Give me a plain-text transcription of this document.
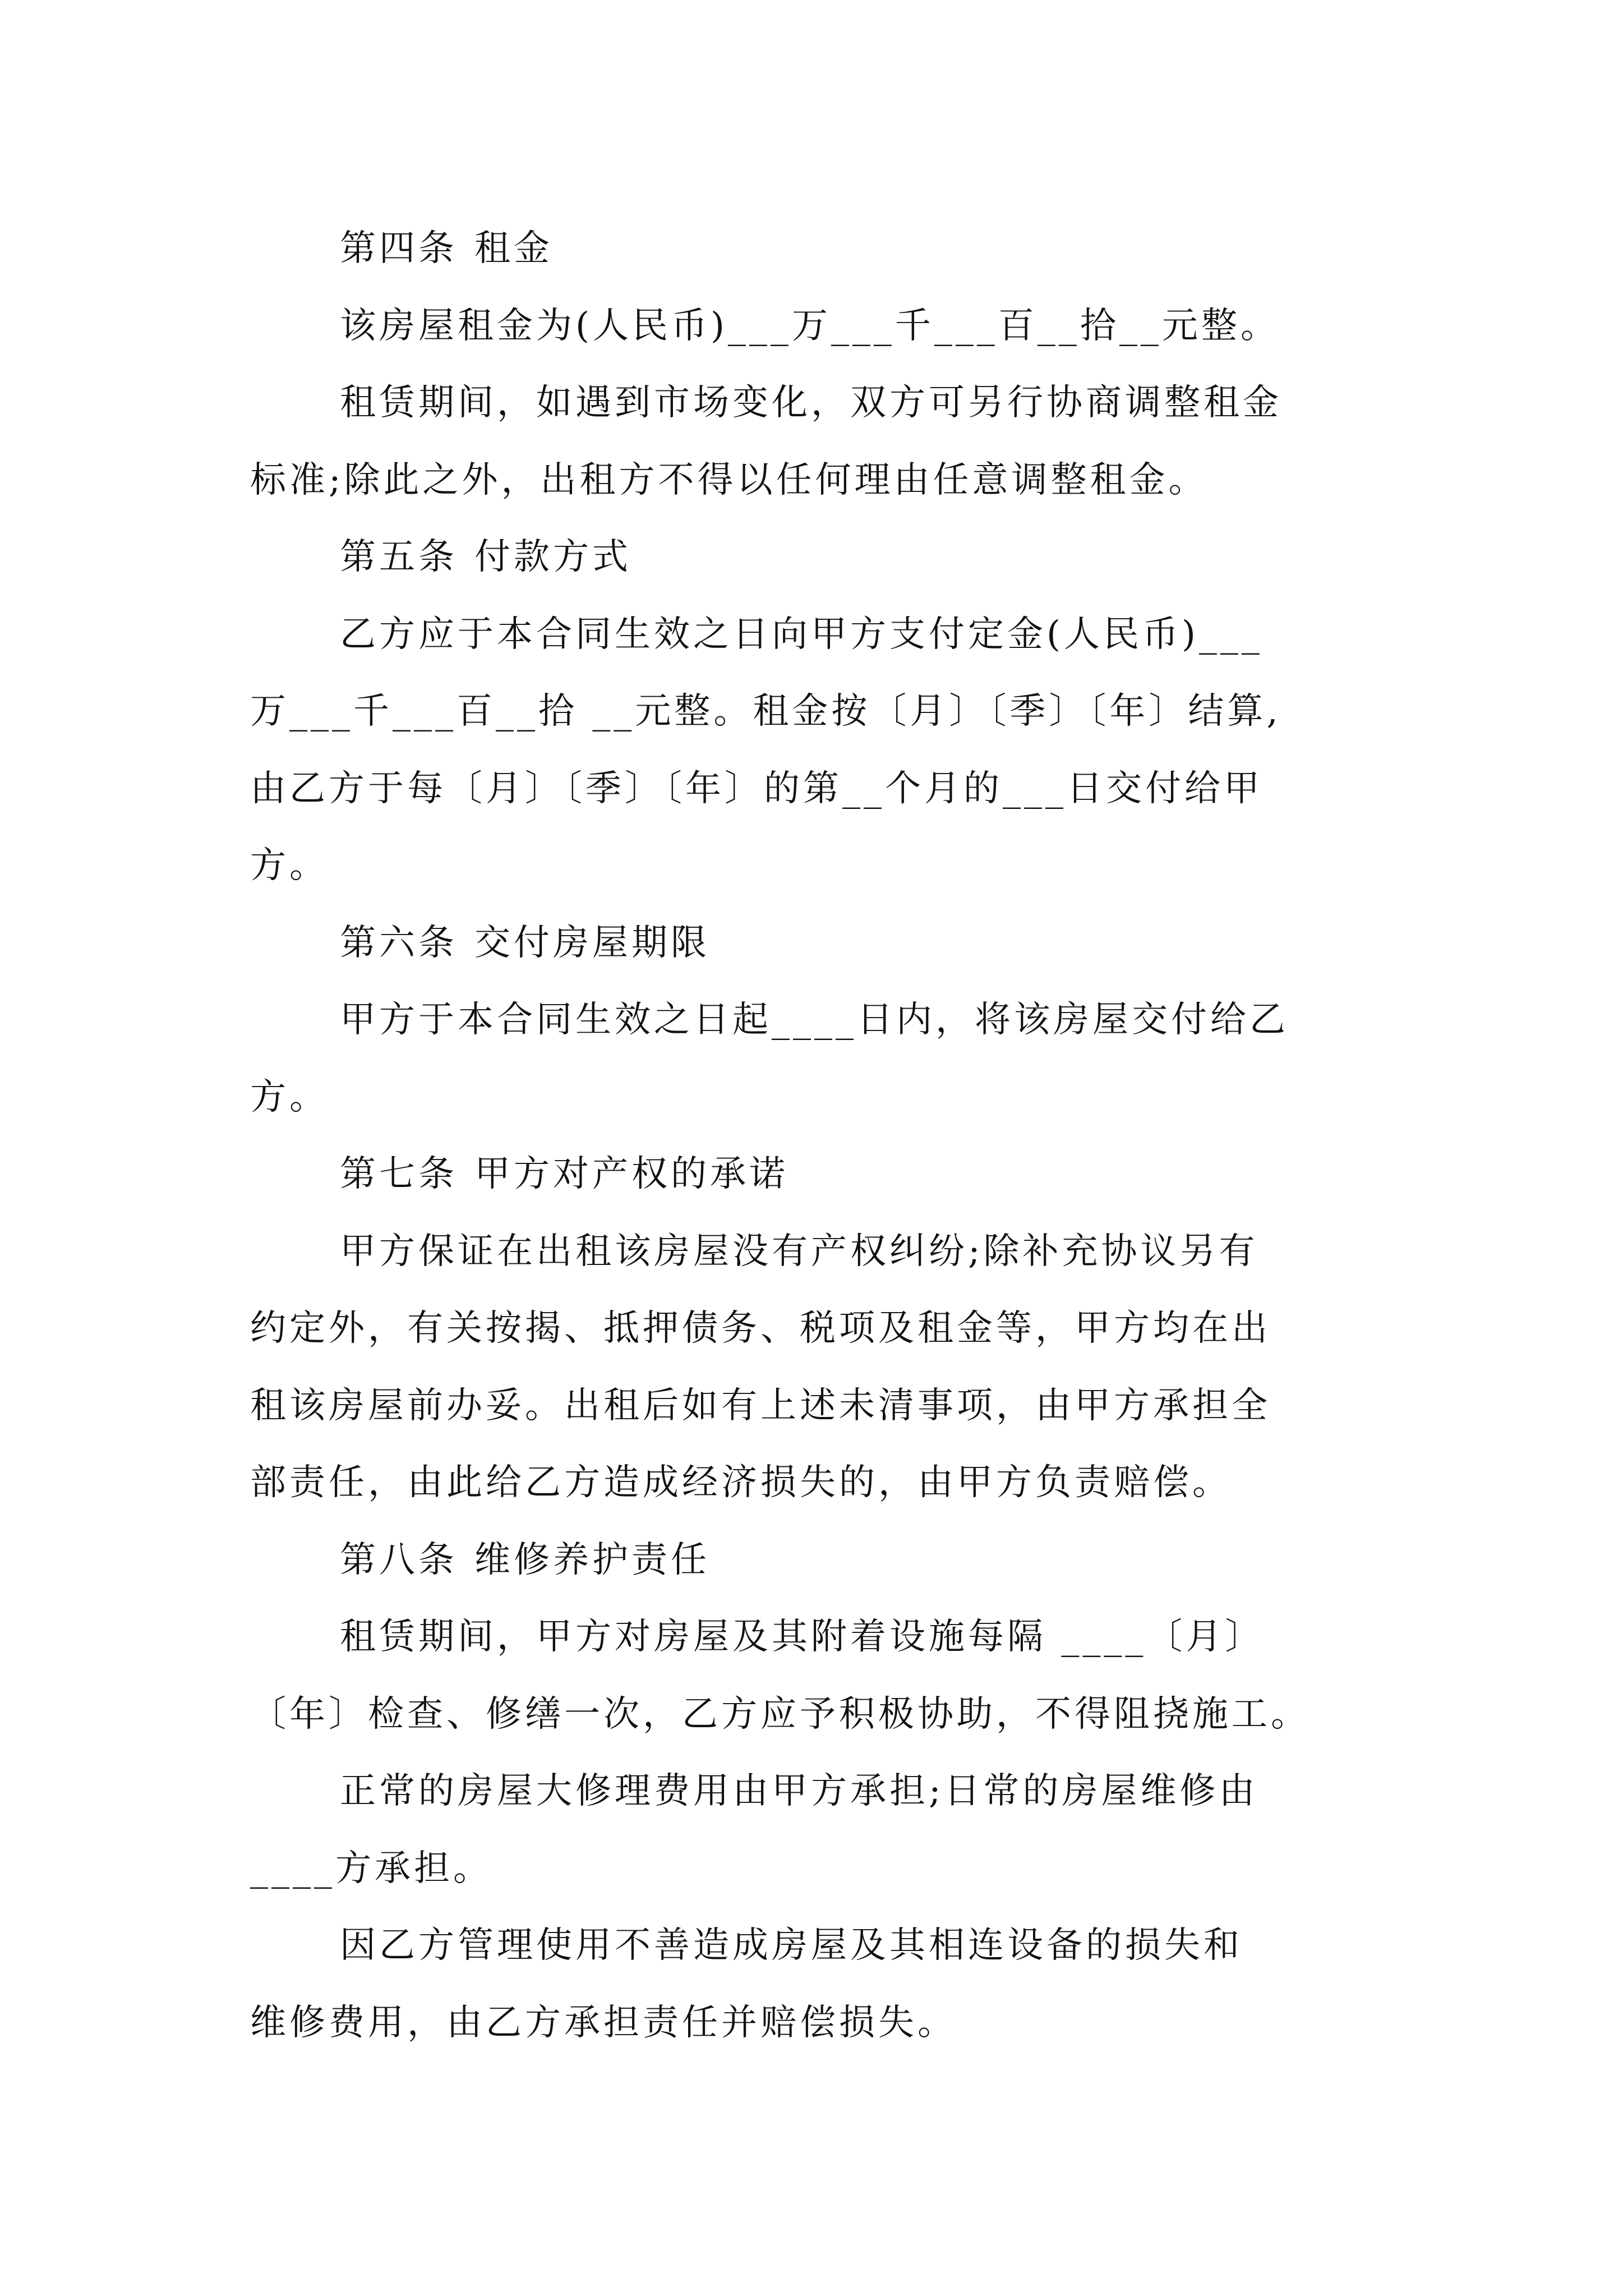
第四条 租金
该房屋租金为(人民币)___万___千___百__拾__元整。
租赁期间，如遇到市场变化，双方可另行协商调整租金
标准;除此之外，出租方不得以任何理由任意调整租金。
第五条 付款方式
乙方应于本合同生效之日向甲方支付定金(人民币)___
万___千___百__拾 __元整。租金按〔月〕〔季〕〔年〕结算,
由乙方于每〔月〕〔季〕〔年〕的第__个月的___日交付给甲
方。
第六条 交付房屋期限
甲方于本合同生效之日起____日内，将该房屋交付给乙
方。
第七条 甲方对产权的承诺
甲方保证在出租该房屋没有产权纠纷;除补充协议另有
约定外，有关按揭、抵押债务、税项及租金等，甲方均在出
租该房屋前办妥。出租后如有上述未清事项，由甲方承担全
部责任，由此给乙方造成经济损失的，由甲方负责赔偿。
第八条 维修养护责任
租赁期间，甲方对房屋及其附着设施每隔 ____〔月〕
〔年〕检查、修缮一次，乙方应予积极协助，不得阻挠施工。
正常的房屋大修理费用由甲方承担;日常的房屋维修由
____方承担。
因乙方管理使用不善造成房屋及其相连设备的损失和
维修费用，由乙方承担责任并赔偿损失。
